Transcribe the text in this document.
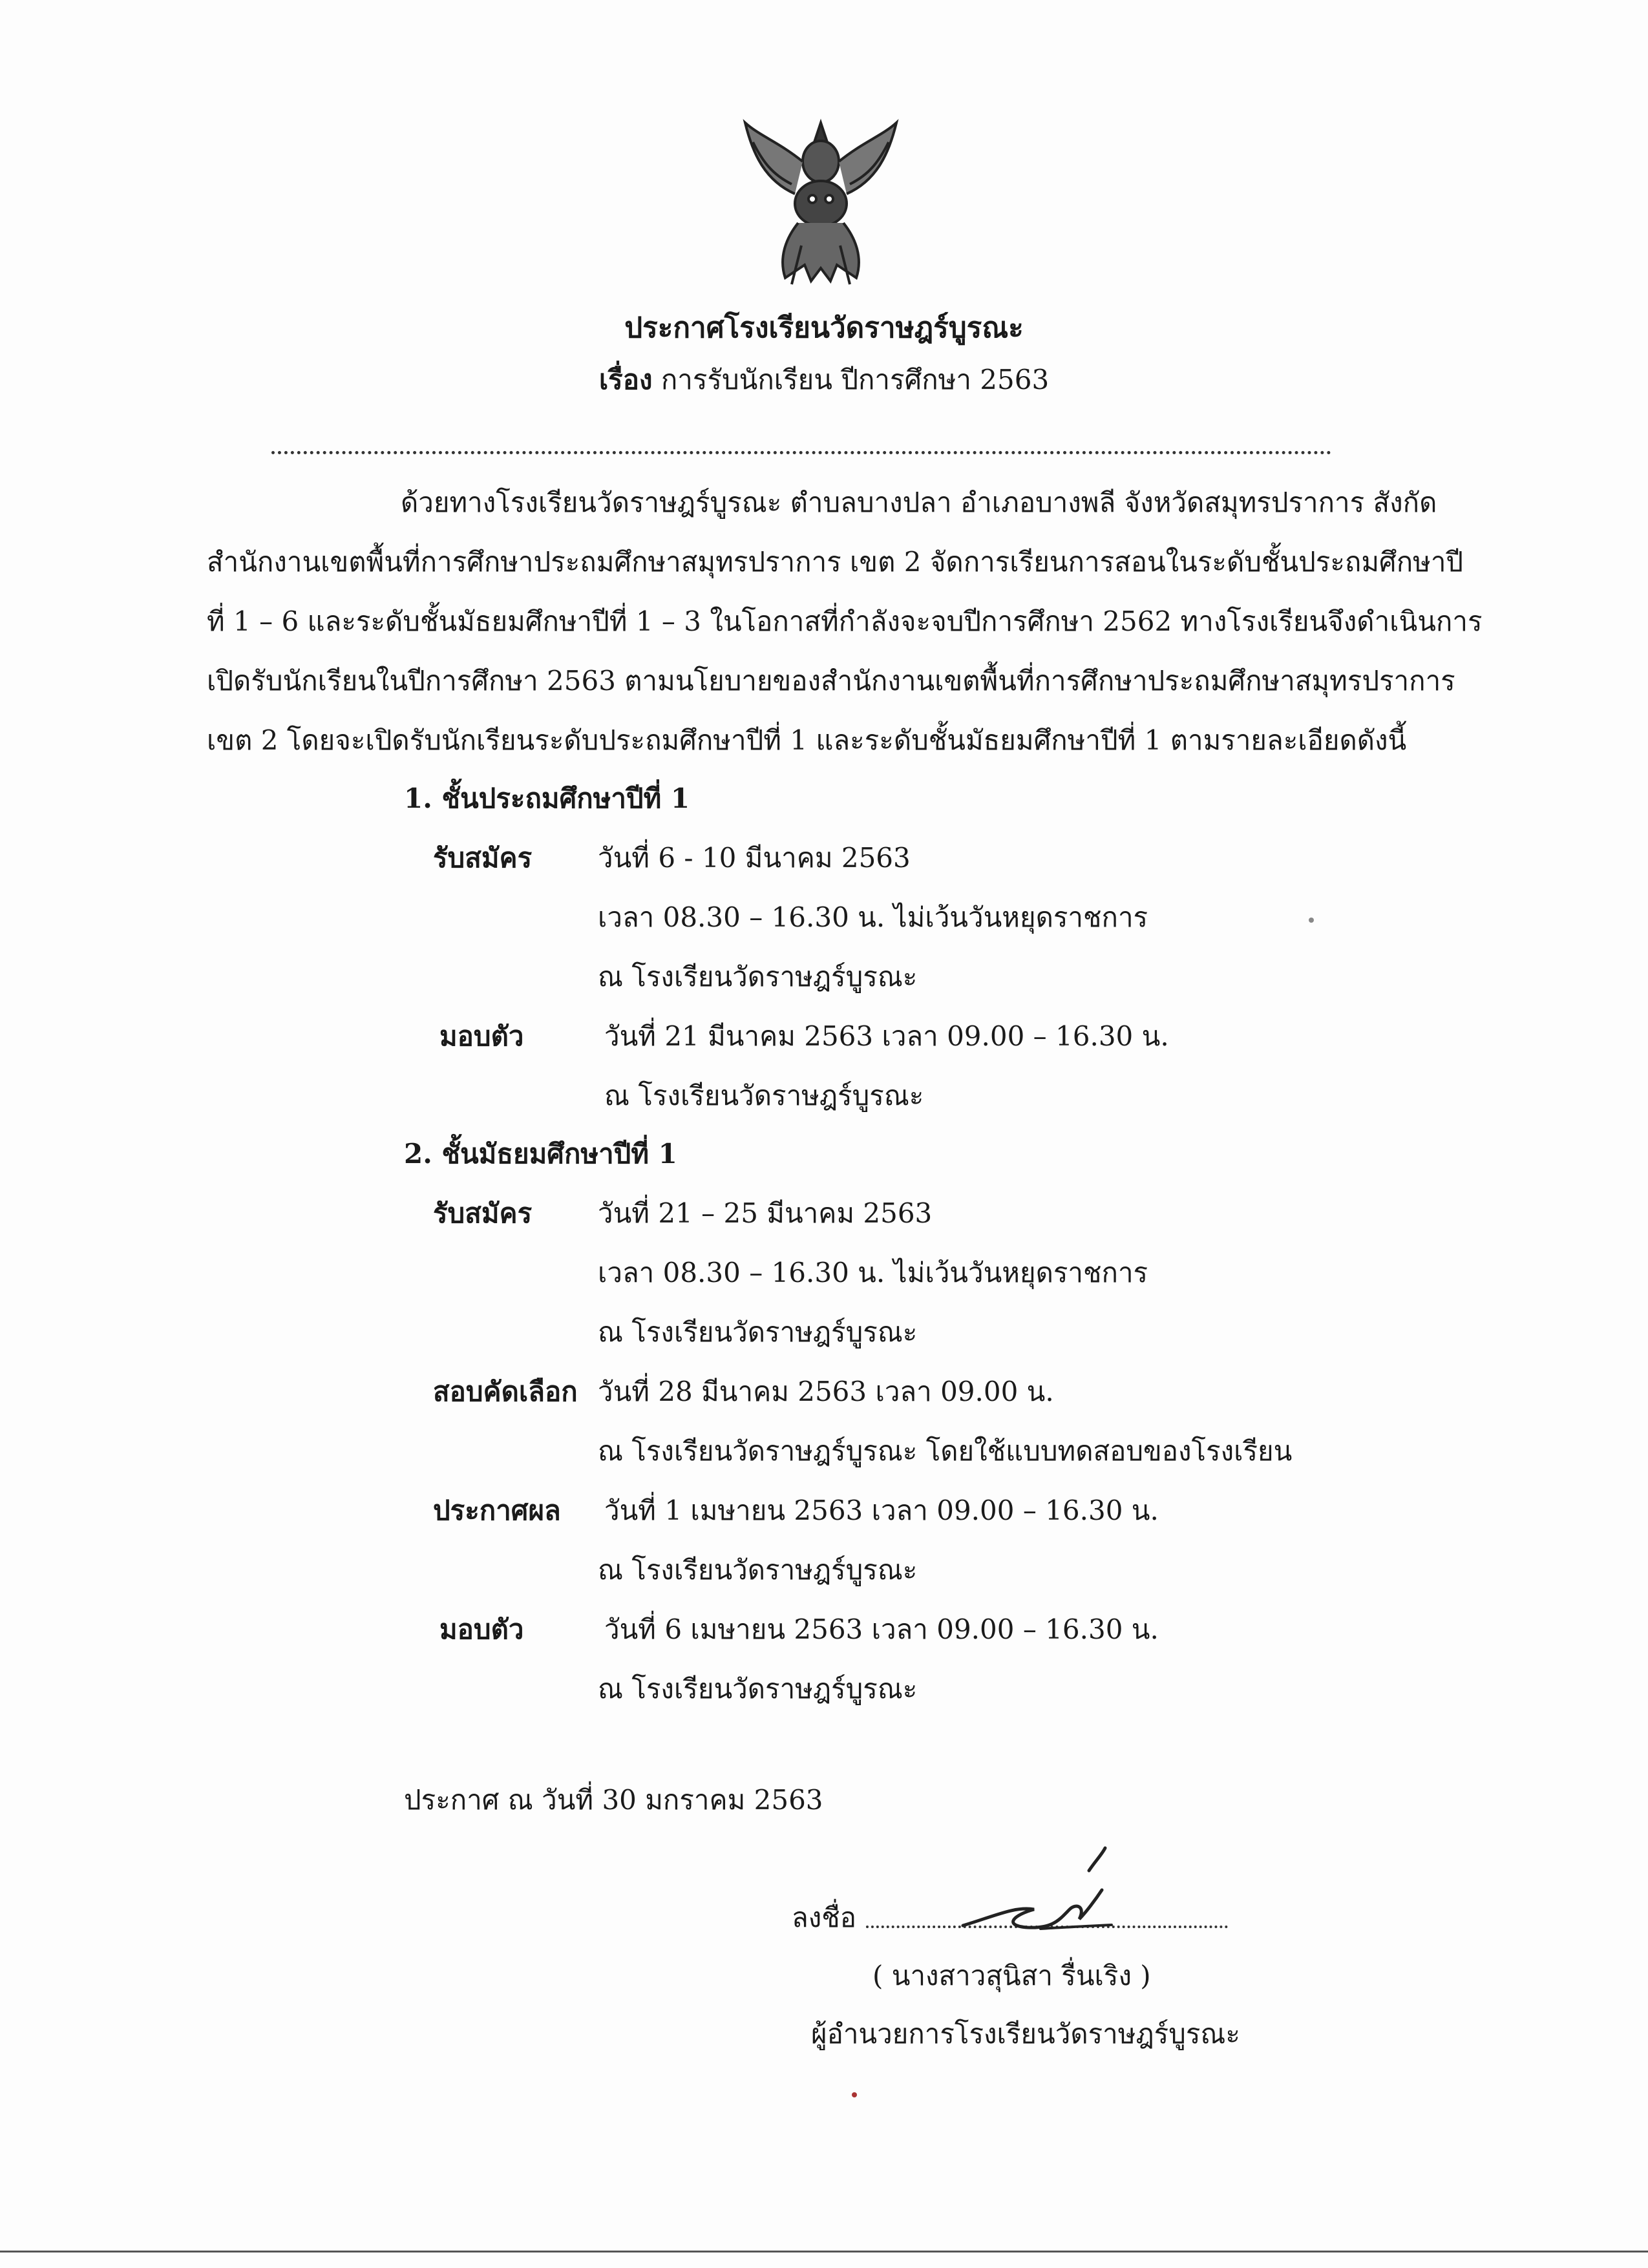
ประกาศโรงเรียนวัดราษฎร์บูรณะ
เรื่อง การรับนักเรียน ปีการศึกษา 2563
ด้วยทางโรงเรียนวัดราษฎร์บูรณะ ตำบลบางปลา อำเภอบางพลี จังหวัดสมุทรปราการ สังกัด
สำนักงานเขตพื้นที่การศึกษาประถมศึกษาสมุทรปราการ เขต 2 จัดการเรียนการสอนในระดับชั้นประถมศึกษาปี
ที่ 1 – 6 และระดับชั้นมัธยมศึกษาปีที่ 1 – 3 ในโอกาสที่กำลังจะจบปีการศึกษา 2562 ทางโรงเรียนจึงดำเนินการ
เปิดรับนักเรียนในปีการศึกษา 2563 ตามนโยบายของสำนักงานเขตพื้นที่การศึกษาประถมศึกษาสมุทรปราการ
เขต 2 โดยจะเปิดรับนักเรียนระดับประถมศึกษาปีที่ 1 และระดับชั้นมัธยมศึกษาปีที่ 1 ตามรายละเอียดดังนี้
1. ชั้นประถมศึกษาปีที่ 1
รับสมัคร วันที่ 6 - 10 มีนาคม 2563
เวลา 08.30 – 16.30 น. ไม่เว้นวันหยุดราชการ
ณ โรงเรียนวัดราษฎร์บูรณะ
มอบตัว	วันที่ 21 มีนาคม 2563 เวลา 09.00 – 16.30 น.
ณ โรงเรียนวัดราษฎร์บูรณะ
2. ชั้นมัธยมศึกษาปีที่ 1
รับสมัคร วันที่ 21 – 25 มีนาคม 2563
เวลา 08.30 – 16.30 น. ไม่เว้นวันหยุดราชการ
ณ โรงเรียนวัดราษฎร์บูรณะ
สอบคัดเลือก วันที่ 28 มีนาคม 2563 เวลา 09.00 น.
ณ โรงเรียนวัดราษฎร์บูรณะ โดยใช้แบบทดสอบของโรงเรียน
ประกาศผล วันที่ 1 เมษายน 2563 เวลา 09.00 – 16.30 น.
ณ โรงเรียนวัดราษฎร์บูรณะ
มอบตัว	วันที่ 6 เมษายน 2563 เวลา 09.00 – 16.30 น.
ณ โรงเรียนวัดราษฎร์บูรณะ
ประกาศ ณ วันที่ 30 มกราคม 2563
ลงชื่อ
( นางสาวสุนิสา รื่นเริง )
ผู้อำนวยการโรงเรียนวัดราษฎร์บูรณะ
